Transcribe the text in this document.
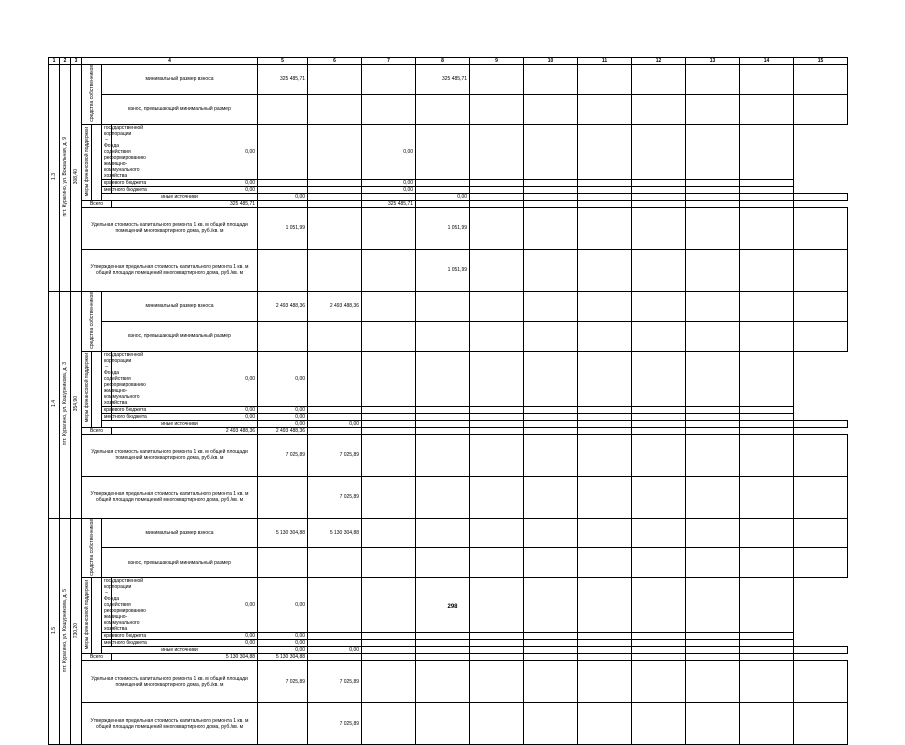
1	2	3	4				5	6	7	8	9	10	11	12	13	14	15
1.3	пгт. Курагино, ул. Вокзальная, д. 9	308,40	средства собственников		минимальный размер взноса		325 485,71			325 485,71							
					взнос, превышающий минимальный размер												
			меры финансовой поддержки		государственной корпорации – Фонда содействия реформированию жилищно-коммунального хозяйства	0,00			0,00								
					краевого бюджета	0,00			0,00								
					местного бюджета	0,00			0,00								
					иные источники		0,00			0,00							
			Всего			325 485,71			325 485,71								
			Удельная стоимость капитального ремонта 1 кв. м общей площади помещений многоквартирного дома, руб./кв. м				1 051,99			1 051,99							
			Утвержденная предельная стоимость капитального ремонта 1 кв. м общей площади помещений многоквартирного дома, руб./кв. м							1 051,99							
1.4	пгт. Курагино, ул. Кошурникова, д. 3	354,90	средства собственников		минимальный размер взноса		2 493 488,36	2 493 488,36									
					взнос, превышающий минимальный размер												
			меры финансовой поддержки		государственной корпорации – Фонда содействия реформированию жилищно-коммунального хозяйства	0,00	0,00										
					краевого бюджета	0,00	0,00										
					местного бюджета	0,00	0,00										
					иные источники		0,00	0,00									
			Всего			2 493 488,36	2 493 488,36										
			Удельная стоимость капитального ремонта 1 кв. м общей площади помещений многоквартирного дома, руб./кв. м				7 025,89	7 025,89									
			Утвержденная предельная стоимость капитального ремонта 1 кв. м общей площади помещений многоквартирного дома, руб./кв. м					7 025,89									
1.5	пгт. Курагино, ул. Кошурникова, д. 5	730,20	средства собственников		минимальный размер взноса		5 130 304,88	5 130 304,88									
					взнос, превышающий минимальный размер												
			меры финансовой поддержки		государственной корпорации – Фонда содействия реформированию жилищно-коммунального хозяйства	0,00	0,00										
					краевого бюджета	0,00	0,00										
					местного бюджета	0,00	0,00										
					иные источники		0,00	0,00									
			Всего			5 130 304,88	5 130 304,88										
			Удельная стоимость капитального ремонта 1 кв. м общей площади помещений многоквартирного дома, руб./кв. м				7 025,89	7 025,89									
			Утвержденная предельная стоимость капитального ремонта 1 кв. м общей площади помещений многоквартирного дома, руб./кв. м					7 025,89									
298
